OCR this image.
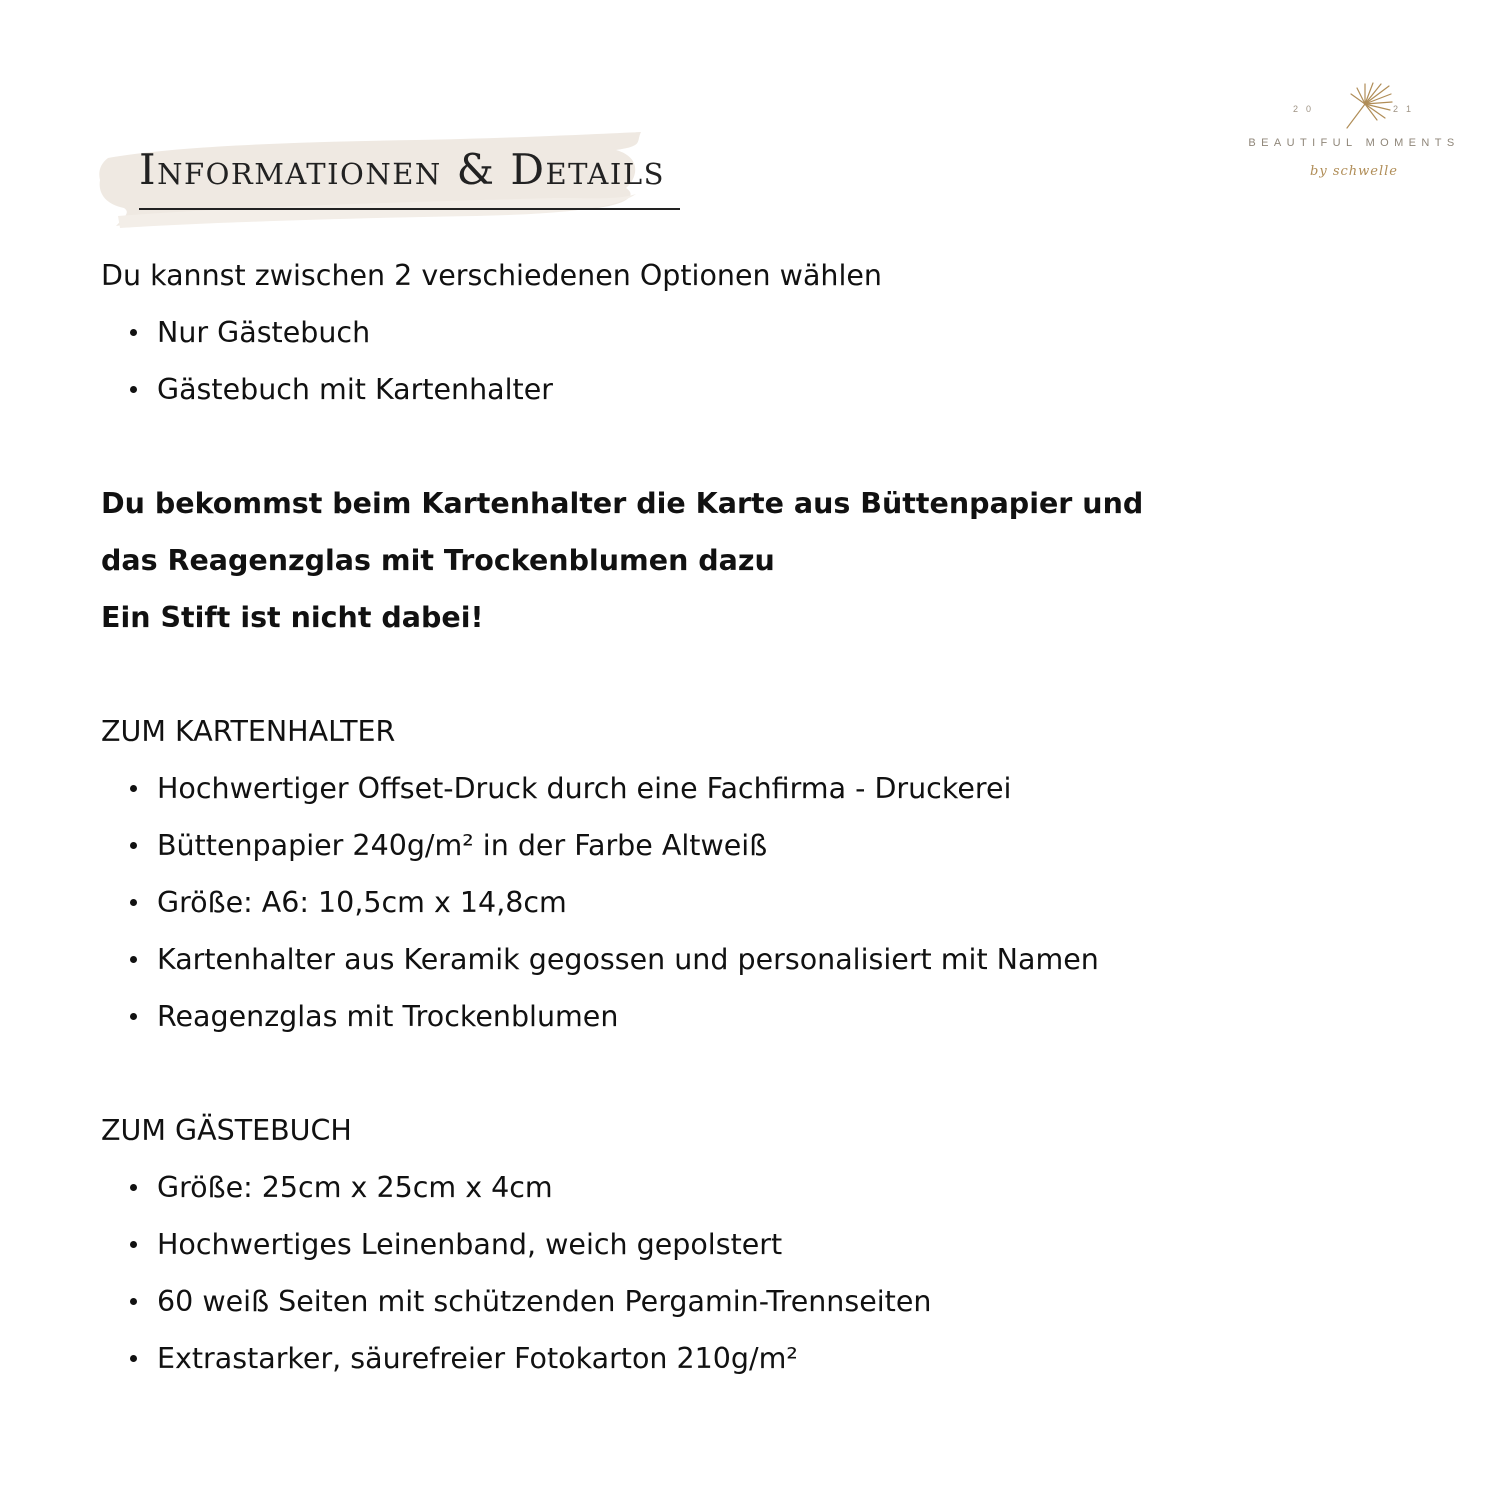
Informationen & Details
20	21
BEAUTIFUL MOMENTS
by schwelle

Du kannst zwischen 2 verschiedenen Optionen wählen

Nur Gästebuch
Gästebuch mit Kartenhalter

Du bekommst beim Kartenhalter die Karte aus Büttenpapier und

das Reagenzglas mit Trockenblumen dazu

Ein Stift ist nicht dabei!

ZUM KARTENHALTER

Hochwertiger Offset-Druck durch eine Fachfirma - Druckerei
Büttenpapier 240g/m² in der Farbe Altweiß
Größe: A6: 10,5cm x 14,8cm
Kartenhalter aus Keramik gegossen und personalisiert mit Namen
Reagenzglas mit Trockenblumen

ZUM GÄSTEBUCH

Größe: 25cm x 25cm x 4cm
Hochwertiges Leinenband, weich gepolstert
60 weiß Seiten mit schützenden Pergamin-Trennseiten
Extrastarker, säurefreier Fotokarton 210g/m²
